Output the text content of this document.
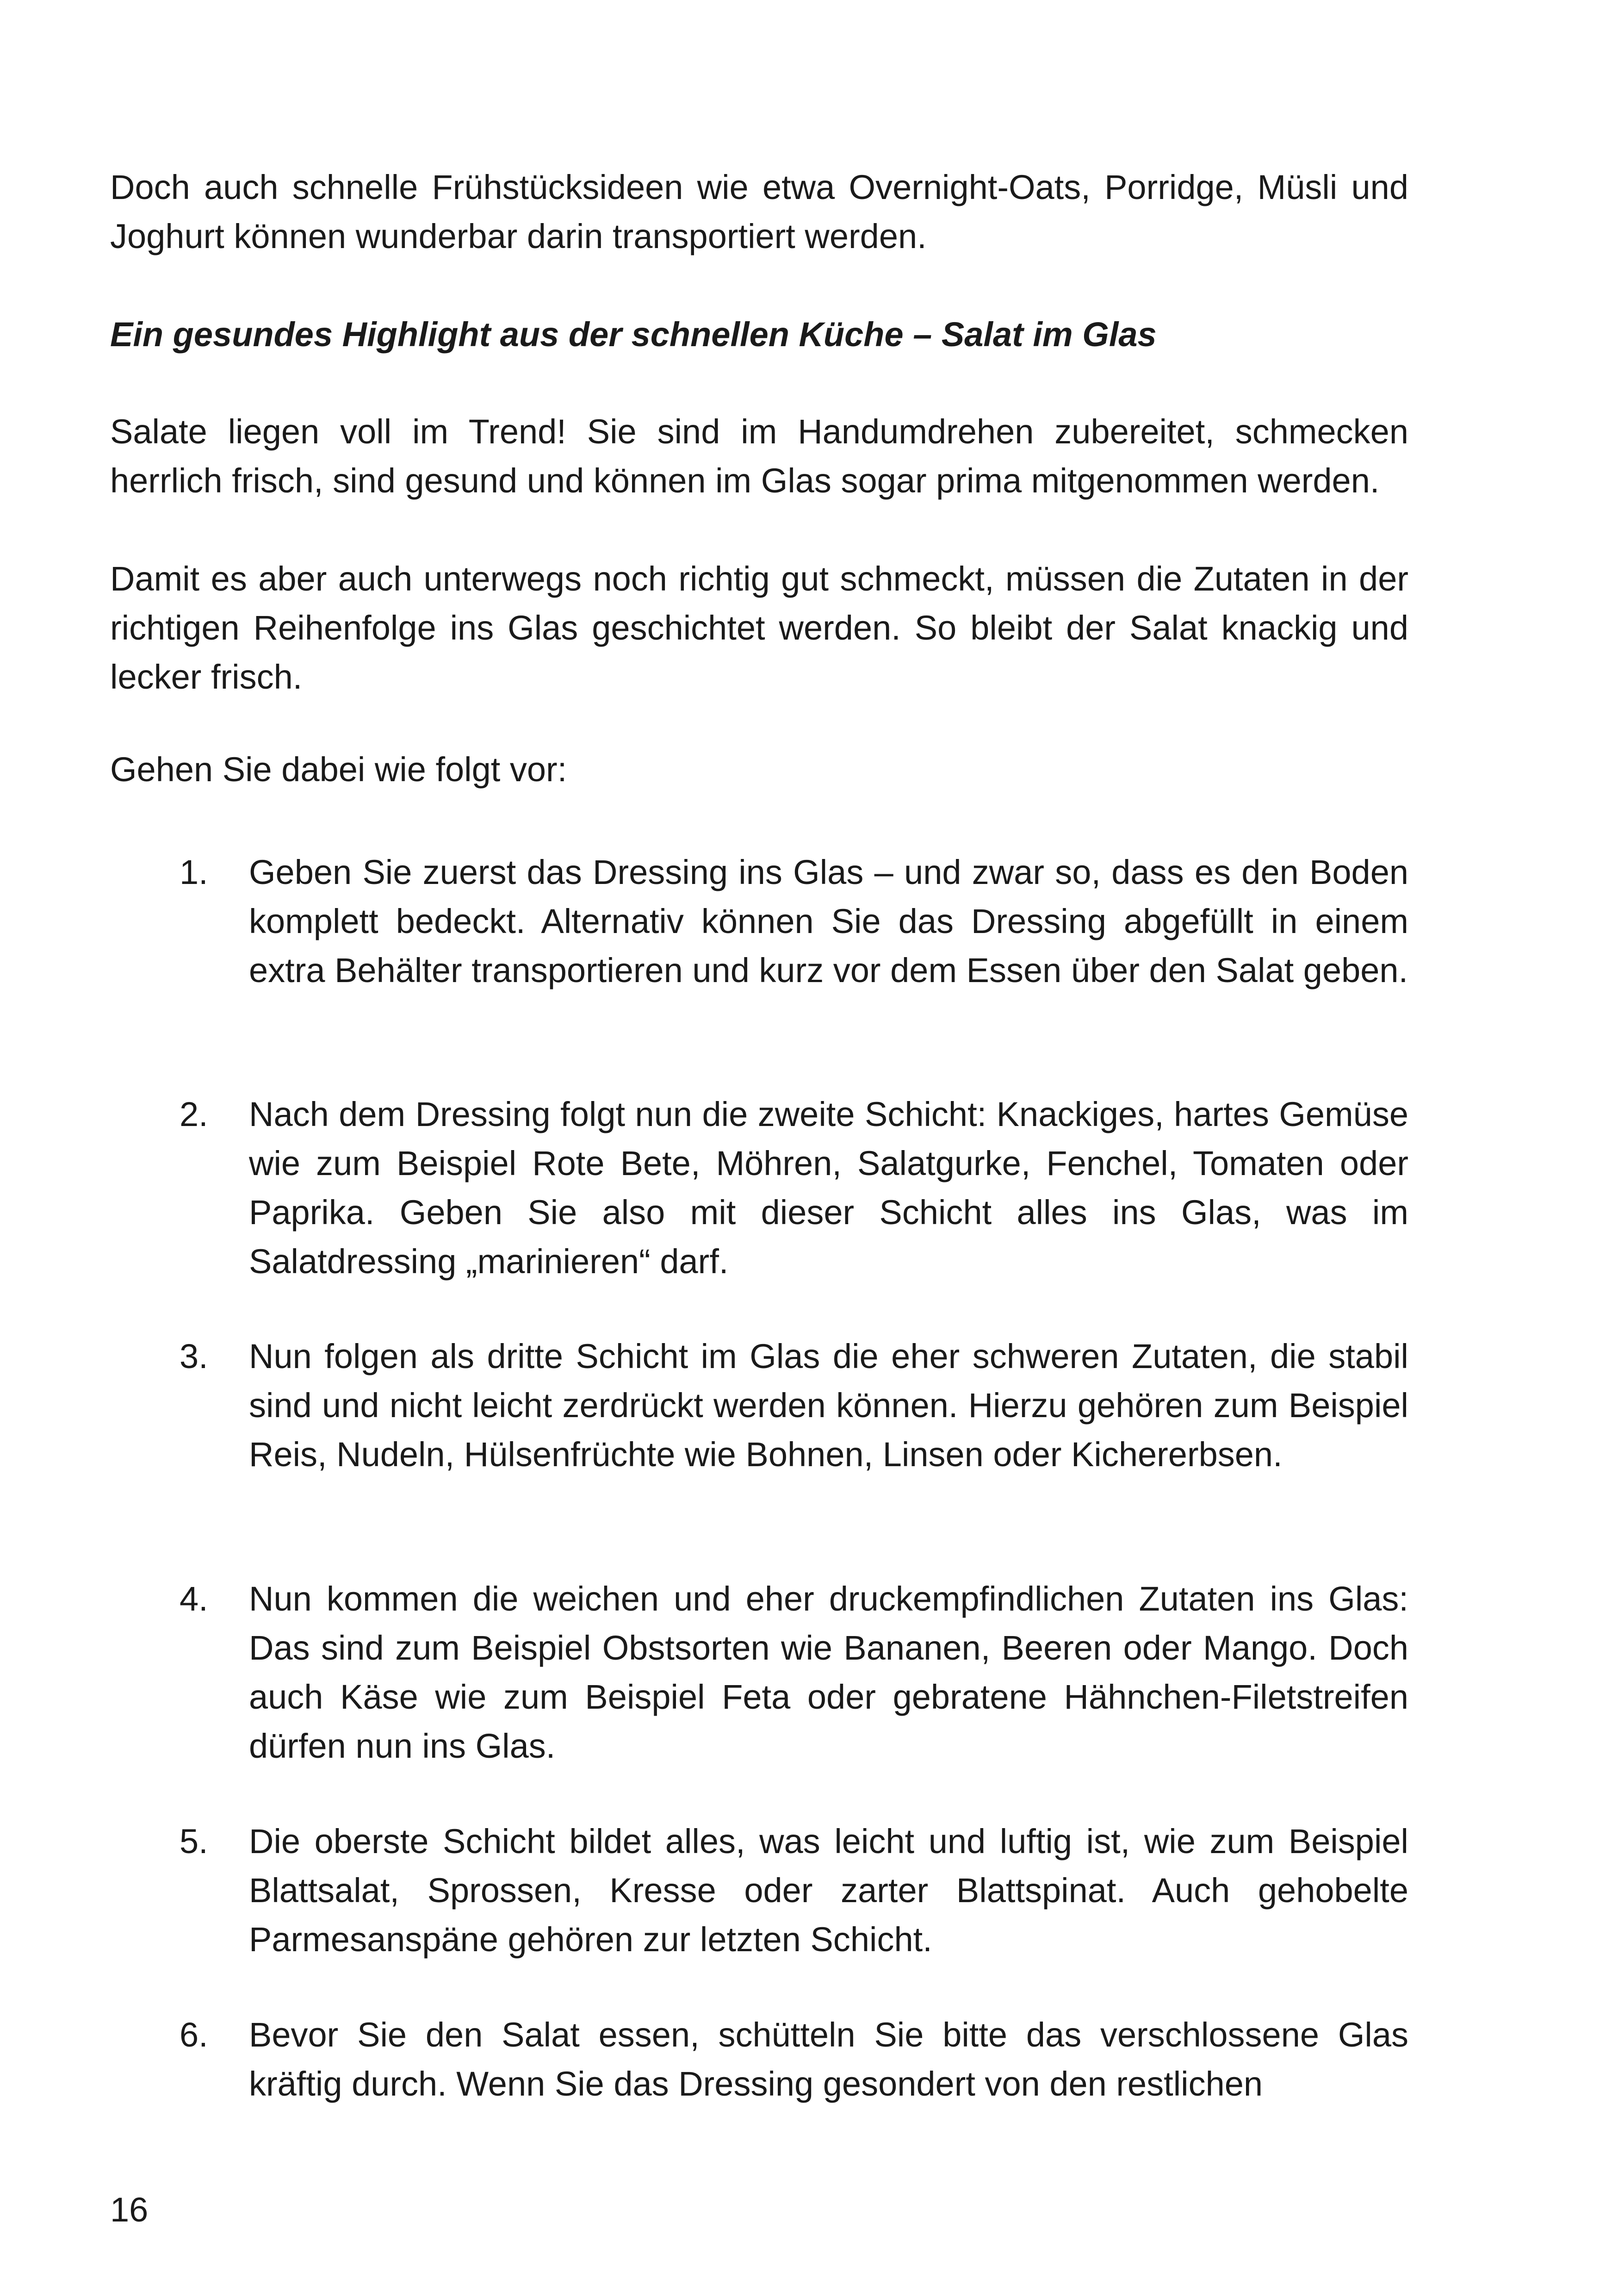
Doch auch schnelle Frühstücksideen wie etwa Overnight-Oats, Porridge, Müsli und Joghurt können wunderbar darin transportiert werden.

Ein gesundes Highlight aus der schnellen Küche – Salat im Glas

Salate liegen voll im Trend! Sie sind im Handumdrehen zubereitet, schmecken herrlich frisch, sind gesund und können im Glas sogar prima mitgenommen werden.

Damit es aber auch unterwegs noch richtig gut schmeckt, müssen die Zutaten in der richtigen Reihenfolge ins Glas geschichtet werden. So bleibt der Salat knackig und lecker frisch.

Gehen Sie dabei wie folgt vor:

1.	Geben Sie zuerst das Dressing ins Glas – und zwar so, dass es den Boden komplett bedeckt. Alternativ können Sie das Dressing abgefüllt in einem extra Behälter transportieren und kurz vor dem Essen über den Salat geben.
2.	Nach dem Dressing folgt nun die zweite Schicht: Knackiges, hartes Gemüse wie zum Beispiel Rote Bete, Möhren, Salatgurke, Fenchel, Tomaten oder Paprika. Geben Sie also mit dieser Schicht alles ins Glas, was im Salatdressing „marinieren“ darf.
3.	Nun folgen als dritte Schicht im Glas die eher schweren Zutaten, die stabil sind und nicht leicht zerdrückt werden können. Hierzu gehören zum Beispiel Reis, Nudeln, Hülsenfrüchte wie Bohnen, Linsen oder Kichererbsen.
4.	Nun kommen die weichen und eher druckempfindlichen Zutaten ins Glas: Das sind zum Beispiel Obstsorten wie Bananen, Beeren oder Mango. Doch auch Käse wie zum Beispiel Feta oder gebratene Hähnchen-Filetstreifen dürfen nun ins Glas.
5.	Die oberste Schicht bildet alles, was leicht und luftig ist, wie zum Beispiel Blattsalat, Sprossen, Kresse oder zarter Blattspinat. Auch gehobelte Parmesanspäne gehören zur letzten Schicht.
6.	Bevor Sie den Salat essen, schütteln Sie bitte das verschlossene Glas kräftig durch. Wenn Sie das Dressing gesondert von den restlichen
16
